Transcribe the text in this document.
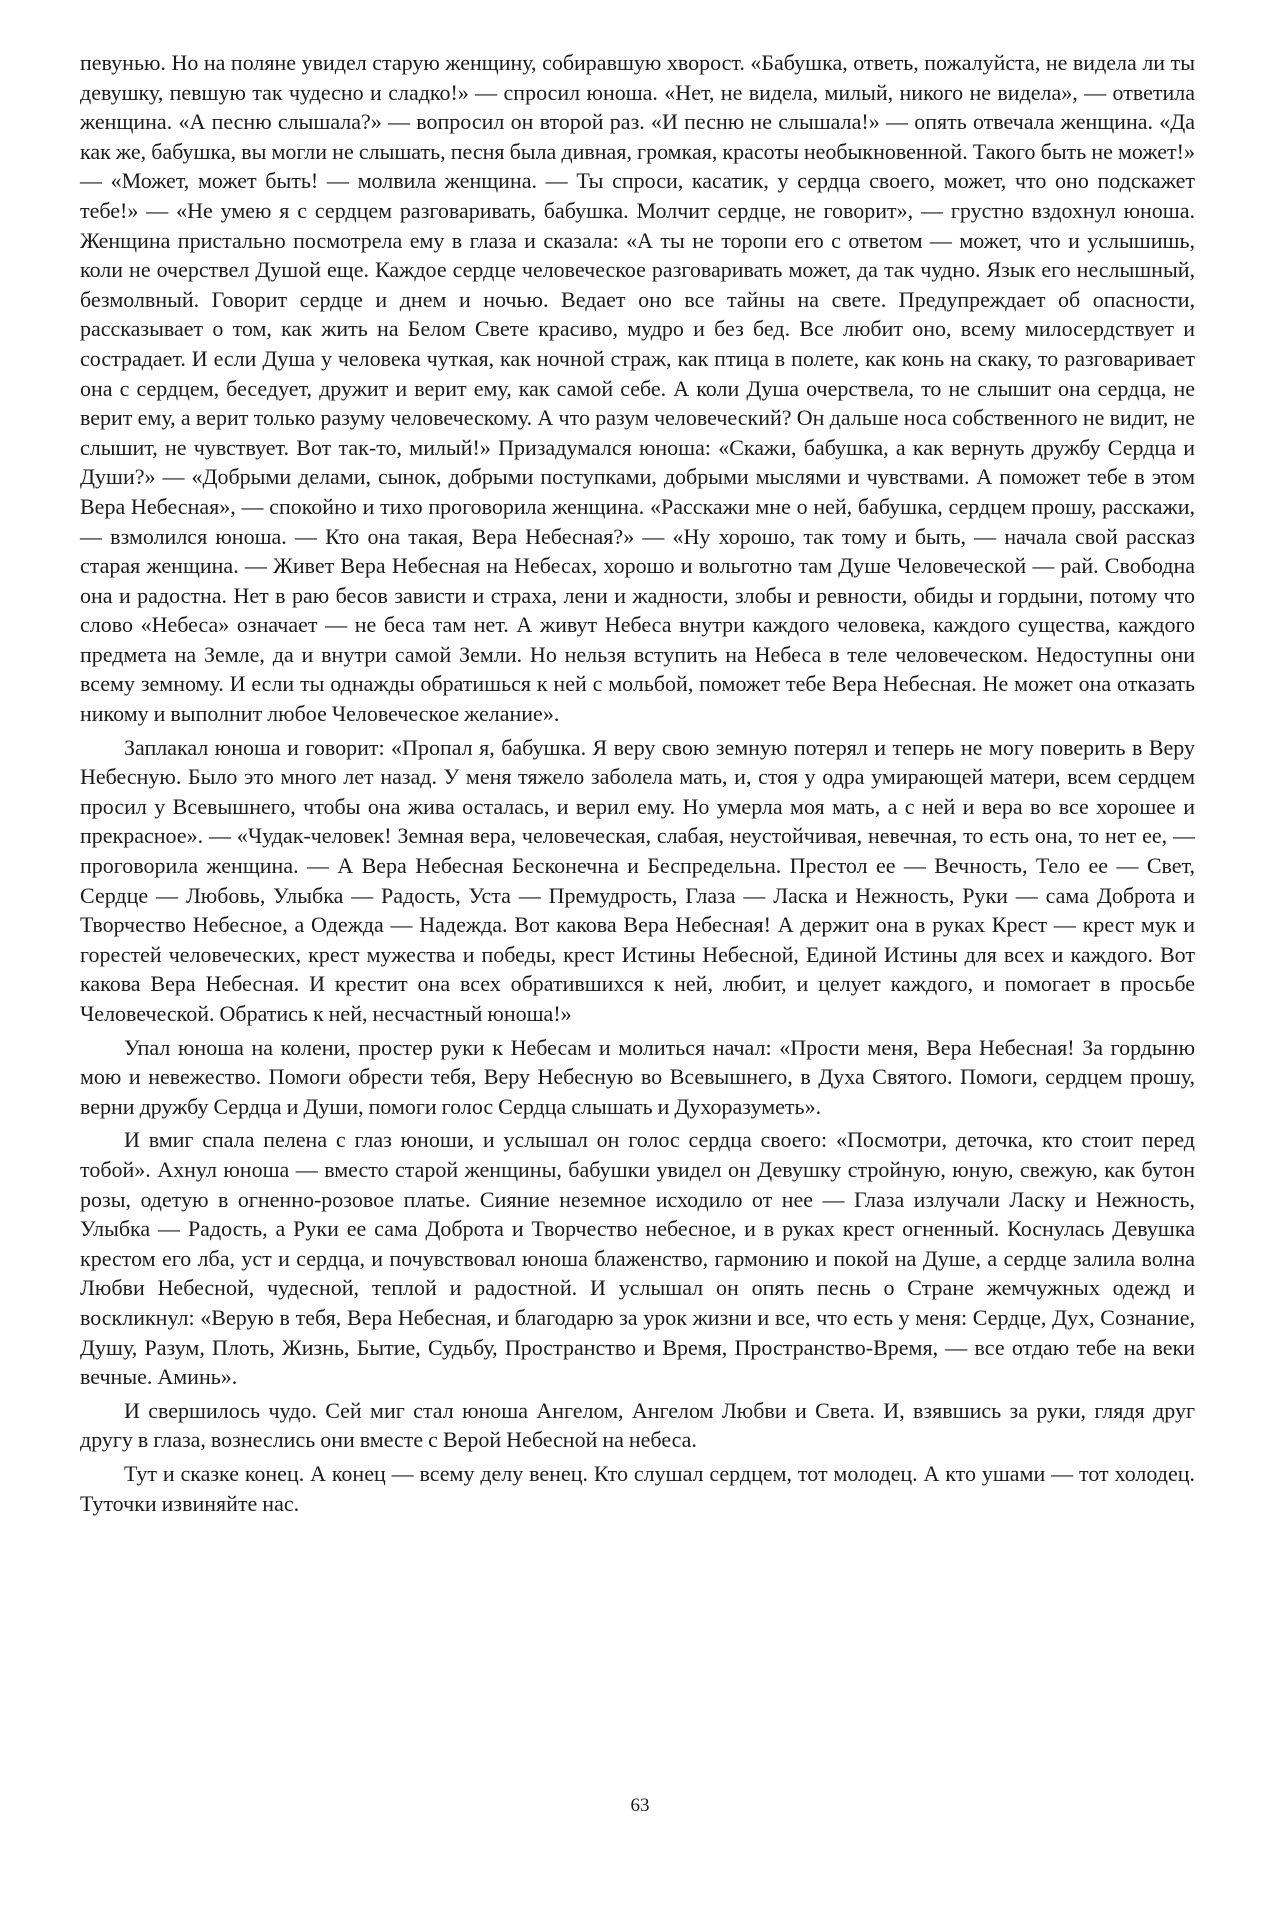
певунью. Но на поляне увидел старую женщину, собиравшую хворост. «Бабушка, ответь, пожалуйста, не видела ли ты девушку, певшую так чудесно и сладко!» — спросил юноша. «Нет, не видела, милый, никого не видела», — ответила женщина. «А песню слышала?» — вопросил он второй раз. «И песню не слышала!» — опять отвечала женщина. «Да как же, бабушка, вы могли не слышать, песня была дивная, громкая, красоты необыкновенной. Такого быть не может!» — «Может, может быть! — молвила женщина. — Ты спроси, касатик, у сердца своего, может, что оно подскажет тебе!» — «Не умею я с сердцем разговаривать, бабушка. Молчит сердце, не говорит», — грустно вздохнул юноша. Женщина пристально посмотрела ему в глаза и сказала: «А ты не торопи его с ответом — может, что и услышишь, коли не очерствел Душой еще. Каждое сердце человеческое разговаривать может, да так чудно. Язык его неслышный, безмолвный. Говорит сердце и днем и ночью. Ведает оно все тайны на свете. Предупреждает об опасности, рассказывает о том, как жить на Белом Свете красиво, мудро и без бед. Все любит оно, всему милосердствует и сострадает. И если Душа у человека чуткая, как ночной страж, как птица в полете, как конь на скаку, то разговаривает она с сердцем, беседует, дружит и верит ему, как самой себе. А коли Душа очерствела, то не слышит она сердца, не верит ему, а верит только разуму человеческому. А что разум человеческий? Он дальше носа собственного не видит, не слышит, не чувствует. Вот так-то, милый!» Призадумался юноша: «Скажи, бабушка, а как вернуть дружбу Сердца и Души?» — «Добрыми делами, сынок, добрыми поступками, добрыми мыслями и чувствами. А поможет тебе в этом Вера Небесная», — спокойно и тихо проговорила женщина. «Расскажи мне о ней, бабушка, сердцем прошу, расскажи, — взмолился юноша. — Кто она такая, Вера Небесная?» — «Ну хорошо, так тому и быть, — начала свой рассказ старая женщина. — Живет Вера Небесная на Небесах, хорошо и вольготно там Душе Человеческой — рай. Свободна она и радостна. Нет в раю бесов зависти и страха, лени и жадности, злобы и ревности, обиды и гордыни, потому что слово «Небеса» означает — не беса там нет. А живут Небеса внутри каждого человека, каждого существа, каждого предмета на Земле, да и внутри самой Земли. Но нельзя вступить на Небеса в теле человеческом. Недоступны они всему земному. И если ты однажды обратишься к ней с мольбой, поможет тебе Вера Небесная. Не может она отказать никому и выполнит любое Человеческое желание».

Заплакал юноша и говорит: «Пропал я, бабушка. Я веру свою земную потерял и теперь не могу поверить в Веру Небесную. Было это много лет назад. У меня тяжело заболела мать, и, стоя у одра умирающей матери, всем сердцем просил у Всевышнего, чтобы она жива осталась, и верил ему. Но умерла моя мать, а с ней и вера во все хорошее и прекрасное». — «Чудак-человек! Земная вера, человеческая, слабая, неустойчивая, невечная, то есть она, то нет ее, — проговорила женщина. — А Вера Небесная Бесконечна и Беспредельна. Престол ее — Вечность, Тело ее — Свет, Сердце — Любовь, Улыбка — Радость, Уста — Премудрость, Глаза — Ласка и Нежность, Руки — сама Доброта и Творчество Небесное, а Одежда — Надежда. Вот какова Вера Небесная! А держит она в руках Крест — крест мук и горестей человеческих, крест мужества и победы, крест Истины Небесной, Единой Истины для всех и каждого. Вот какова Вера Небесная. И крестит она всех обратившихся к ней, любит, и целует каждого, и помогает в просьбе Человеческой. Обратись к ней, несчастный юноша!»

Упал юноша на колени, простер руки к Небесам и молиться начал: «Прости меня, Вера Небесная! За гордыню мою и невежество. Помоги обрести тебя, Веру Небесную во Всевышнего, в Духа Святого. Помоги, сердцем прошу, верни дружбу Сердца и Души, помоги голос Сердца слышать и Духоразуметь».

И вмиг спала пелена с глаз юноши, и услышал он голос сердца своего: «Посмотри, деточка, кто стоит перед тобой». Ахнул юноша — вместо старой женщины, бабушки увидел он Девушку стройную, юную, свежую, как бутон розы, одетую в огненно-розовое платье. Сияние неземное исходило от нее — Глаза излучали Ласку и Нежность, Улыбка — Радость, а Руки ее сама Доброта и Творчество небесное, и в руках крест огненный. Коснулась Девушка крестом его лба, уст и сердца, и почувствовал юноша блаженство, гармонию и покой на Душе, а сердце залила волна Любви Небесной, чудесной, теплой и радостной. И услышал он опять песнь о Стране жемчужных одежд и воскликнул: «Верую в тебя, Вера Небесная, и благодарю за урок жизни и все, что есть у меня: Сердце, Дух, Сознание, Душу, Разум, Плоть, Жизнь, Бытие, Судьбу, Пространство и Время, Пространство-Время, — все отдаю тебе на веки вечные. Аминь».

И свершилось чудо. Сей миг стал юноша Ангелом, Ангелом Любви и Света. И, взявшись за руки, глядя друг другу в глаза, вознеслись они вместе с Верой Небесной на небеса.

Тут и сказке конец. А конец — всему делу венец. Кто слушал сердцем, тот молодец. А кто ушами — тот холодец. Туточки извиняйте нас.

63
